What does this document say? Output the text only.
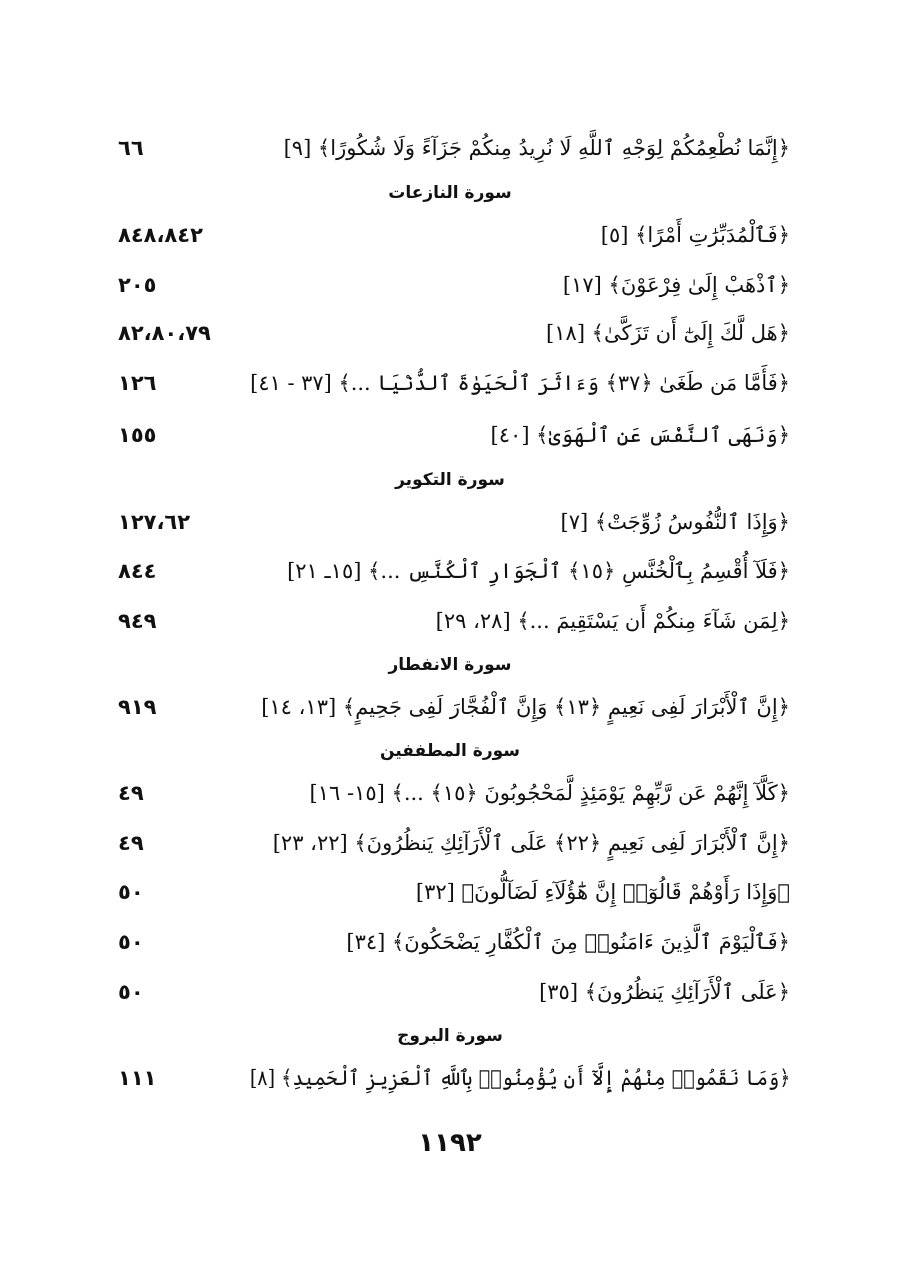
﴿إِنَّمَا نُطْعِمُكُمْ لِوَجْهِ ٱللَّهِ لَا نُرِيدُ مِنكُمْ جَزَآءً وَلَا شُكُورًا﴾ [٩]
٦٦
سورة النازعات
﴿فَٱلْمُدَبِّرَٰتِ أَمْرًا﴾ [٥]
٨٤٨،٨٤٢
﴿ٱذْهَبْ إِلَىٰ فِرْعَوْنَ﴾ [١٧]
٢٠٥
﴿هَل لَّكَ إِلَىٰٓ أَن تَزَكَّىٰ﴾ [١٨]
٨٢،٨٠،٧٩
﴿فَأَمَّا مَن طَغَىٰ ﴿٣٧﴾ وَءَاثَرَ ٱلْحَيَوٰةَ ٱلدُّنْيَا ...﴾ [٣٧ - ٤١]
١٢٦
﴿وَنَهَى ٱلنَّفْسَ عَنِ ٱلْهَوَىٰ﴾ [٤٠]
١٥٥
سورة التكوير
﴿وَإِذَا ٱلنُّفُوسُ زُوِّجَتْ﴾ [٧]
١٢٧،٦٢
﴿فَلَآ أُقْسِمُ بِٱلْخُنَّسِ ﴿١٥﴾ ٱلْجَوَارِ ٱلْكُنَّسِ ...﴾ [١٥ـ ٢١]
٨٤٤
﴿لِمَن شَآءَ مِنكُمْ أَن يَسْتَقِيمَ ...﴾ [٢٨، ٢٩]
٩٤٩
سورة الانفطار
﴿إِنَّ ٱلْأَبْرَارَ لَفِى نَعِيمٍ ﴿١٣﴾ وَإِنَّ ٱلْفُجَّارَ لَفِى جَحِيمٍ﴾ [١٣، ١٤]
٩١٩
سورة المطففين
﴿كَلَّآ إِنَّهُمْ عَن رَّبِّهِمْ يَوْمَئِذٍ لَّمَحْجُوبُونَ ﴿١٥﴾ ...﴾ [١٥- ١٦]
٤٩
﴿إِنَّ ٱلْأَبْرَارَ لَفِى نَعِيمٍ ﴿٢٢﴾ عَلَى ٱلْأَرَآئِكِ يَنظُرُونَ﴾ [٢٢، ٢٣]
٤٩
﴿وَإِذَا رَأَوْهُمْ قَالُوٓا۟ إِنَّ هَٰٓؤُلَآءِ لَضَآلُّونَ﴾ [٣٢]
٥٠
﴿فَٱلْيَوْمَ ٱلَّذِينَ ءَامَنُوا۟ مِنَ ٱلْكُفَّارِ يَضْحَكُونَ﴾ [٣٤]
٥٠
﴿عَلَى ٱلْأَرَآئِكِ يَنظُرُونَ﴾ [٣٥]
٥٠
سورة البروج
﴿وَمَا نَقَمُوا۟ مِنْهُمْ إِلَّآ أَن يُؤْمِنُوا۟ بِٱللَّهِ ٱلْعَزِيزِ ٱلْحَمِيدِ﴾ [٨]
١١١
١١٩٢
